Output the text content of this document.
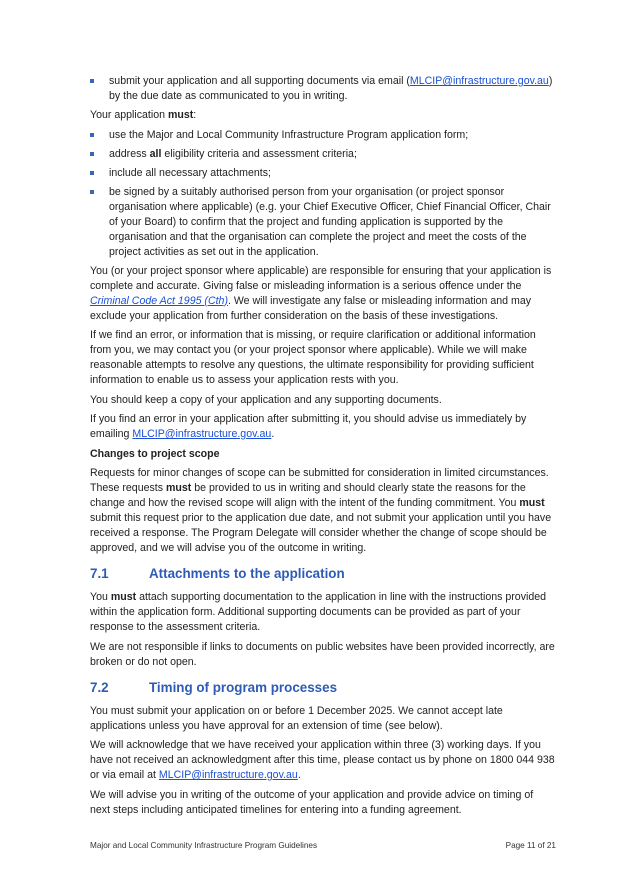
submit your application and all supporting documents via email (MLCIP@infrastructure.gov.au) by the due date as communicated to you in writing.

Your application must:

use the Major and Local Community Infrastructure Program application form;
address all eligibility criteria and assessment criteria;
include all necessary attachments;
be signed by a suitably authorised person from your organisation (or project sponsor organisation where applicable) (e.g. your Chief Executive Officer, Chief Financial Officer, Chair of your Board) to confirm that the project and funding application is supported by the organisation and that the organisation can complete the project and meet the costs of the project activities as set out in the application.

You (or your project sponsor where applicable) are responsible for ensuring that your application is complete and accurate. Giving false or misleading information is a serious offence under the Criminal Code Act 1995 (Cth). We will investigate any false or misleading information and may exclude your application from further consideration on the basis of these investigations.

If we find an error, or information that is missing, or require clarification or additional information from you, we may contact you (or your project sponsor where applicable). While we will make reasonable attempts to resolve any questions, the ultimate responsibility for providing sufficient information to enable us to assess your application rests with you.

You should keep a copy of your application and any supporting documents.

If you find an error in your application after submitting it, you should advise us immediately by emailing MLCIP@infrastructure.gov.au.

Changes to project scope

Requests for minor changes of scope can be submitted for consideration in limited circumstances. These requests must be provided to us in writing and should clearly state the reasons for the change and how the revised scope will align with the intent of the funding commitment. You must submit this request prior to the application due date, and not submit your application until you have received a response. The Program Delegate will consider whether the change of scope should be approved, and we will advise you of the outcome in writing.

7.1	Attachments to the application

You must attach supporting documentation to the application in line with the instructions provided within the application form. Additional supporting documents can be provided as part of your response to the assessment criteria.

We are not responsible if links to documents on public websites have been provided incorrectly, are broken or do not open.

7.2	Timing of program processes

You must submit your application on or before 1 December 2025. We cannot accept late applications unless you have approval for an extension of time (see below).

We will acknowledge that we have received your application within three (3) working days. If you have not received an acknowledgment after this time, please contact us by phone on 1800 044 938 or via email at MLCIP@infrastructure.gov.au.

We will advise you in writing of the outcome of your application and provide advice on timing of next steps including anticipated timelines for entering into a funding agreement.

Major and Local Community Infrastructure Program Guidelines	Page 11 of 21
